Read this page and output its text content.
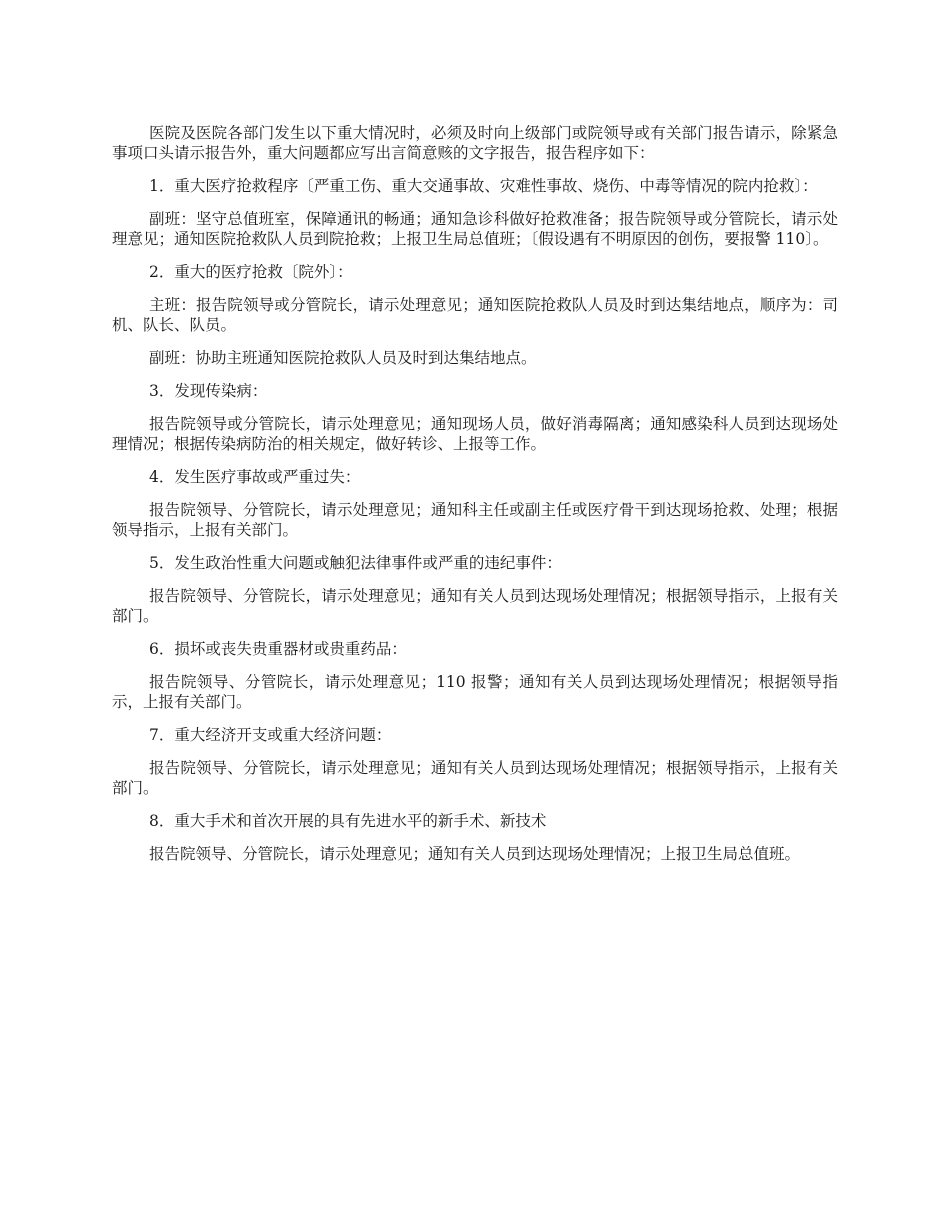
医院及医院各部门发生以下重大情况时，必须及时向上级部门或院领导或有关部门报告请示，除紧急事项口头请示报告外，重大问题都应写出言简意赅的文字报告，报告程序如下：

1．重大医疗抢救程序〔严重工伤、重大交通事故、灾难性事故、烧伤、中毒等情况的院内抢救〕：

副班：坚守总值班室，保障通讯的畅通；通知急诊科做好抢救准备；报告院领导或分管院长，请示处理意见；通知医院抢救队人员到院抢救；上报卫生局总值班；〔假设遇有不明原因的创伤，要报警 110〕。

2．重大的医疗抢救〔院外〕：

主班：报告院领导或分管院长，请示处理意见；通知医院抢救队人员及时到达集结地点，顺序为：司机、队长、队员。

副班：协助主班通知医院抢救队人员及时到达集结地点。

3．发现传染病：

报告院领导或分管院长，请示处理意见；通知现场人员，做好消毒隔离；通知感染科人员到达现场处理情况；根据传染病防治的相关规定，做好转诊、上报等工作。

4．发生医疗事故或严重过失：

报告院领导、分管院长，请示处理意见；通知科主任或副主任或医疗骨干到达现场抢救、处理；根据领导指示，上报有关部门。

5．发生政治性重大问题或触犯法律事件或严重的违纪事件：

报告院领导、分管院长，请示处理意见；通知有关人员到达现场处理情况；根据领导指示，上报有关部门。

6．损坏或丧失贵重器材或贵重药品：

报告院领导、分管院长，请示处理意见；110 报警；通知有关人员到达现场处理情况；根据领导指示，上报有关部门。

7．重大经济开支或重大经济问题：

报告院领导、分管院长，请示处理意见；通知有关人员到达现场处理情况；根据领导指示，上报有关部门。

8．重大手术和首次开展的具有先进水平的新手术、新技术

报告院领导、分管院长，请示处理意见；通知有关人员到达现场处理情况；上报卫生局总值班。
